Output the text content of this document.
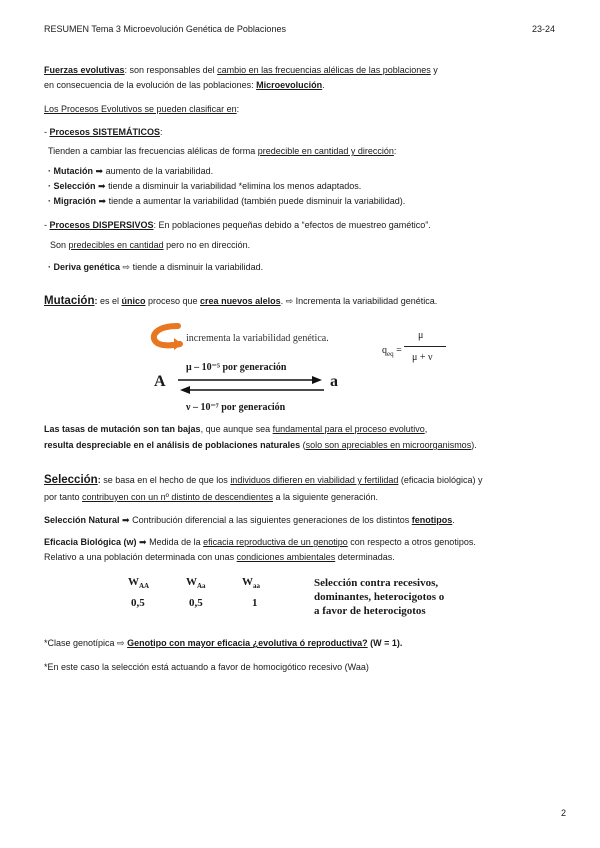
RESUMEN Tema 3 Microevolución Genética de Poblaciones	23-24
Fuerzas evolutivas: son responsables del cambio en las frecuencias alélicas de las poblaciones y
en consecuencia de la evolución de las poblaciones: Microevolución.
Los Procesos Evolutivos se pueden clasificar en:
- Procesos SISTEMÁTICOS:
Tienden a cambiar las frecuencias alélicas de forma predecible en cantidad y dirección:
· Mutación ➡ aumento de la variabilidad.
· Selección ➡ tiende a disminuir la variabilidad *elimina los menos adaptados.
· Migración ➡ tiende a aumentar la variabilidad (también puede disminuir la variabilidad).
- Procesos DISPERSIVOS: En poblaciones pequeñas debido a “efectos de muestreo gamético”.
Son predecibles en cantidad pero no en dirección.
· Deriva genética ⇨ tiende a disminuir la variabilidad.
Mutación: es el único proceso que crea nuevos alelos. ⇨ Incrementa la variabilidad genética.
incrementa la variabilidad genética.
A	a
μ – 10⁻⁵ por generación
ν – 10⁻⁷ por generación
$q_{eq}$ =
μ
μ + ν
Las tasas de mutación son tan bajas, que aunque sea fundamental para el proceso evolutivo,
resulta despreciable en el análisis de poblaciones naturales (solo son apreciables en microorganismos).
Selección: se basa en el hecho de que los individuos difieren en viabilidad y fertilidad (eficacia biológica) y
por tanto contribuyen con un nº distinto de descendientes a la siguiente generación.
Selección Natural ➡ Contribución diferencial a las siguientes generaciones de los distintos fenotipos.
Eficacia Biológica (w) ➡ Medida de la eficacia reproductiva de un genotipo con respecto a otros genotipos.
Relativo a una población determinada con unas condiciones ambientales determinadas.
$W_{AA}$	$W_{Aa}$	$W_{aa}$
0,5	0,5	1
Selección contra recesivos,
dominantes, heterocigotos o
a favor de heterocigotos
*Clase genotípica ⇨ Genotipo con mayor eficacia ¿evolutiva ó reproductiva? (W = 1).
*En este caso la selección está actuando a favor de homocigótico recesivo (Waa)
2
